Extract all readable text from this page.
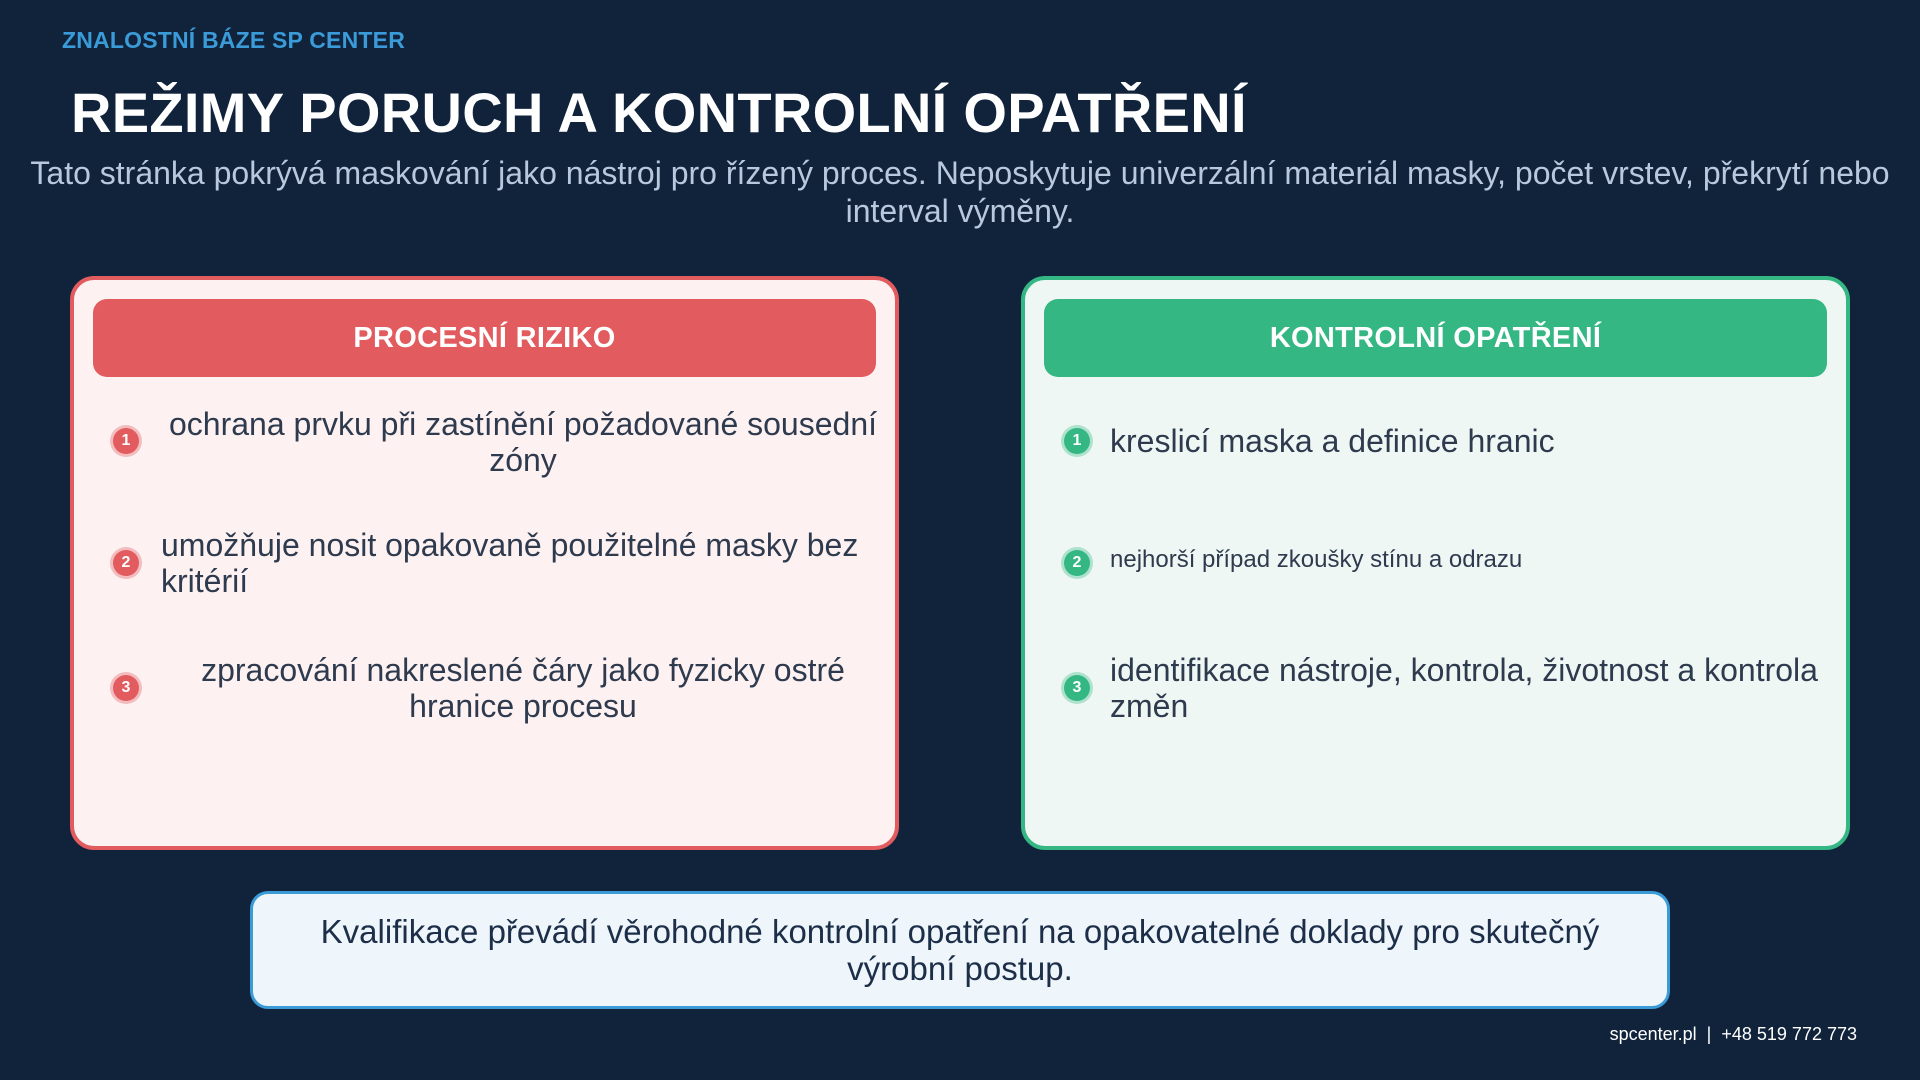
ZNALOSTNÍ BÁZE SP CENTER
REŽIMY PORUCH A KONTROLNÍ OPATŘENÍ

Tato stránka pokrývá maskování jako nástroj pro řízený proces. Neposkytuje univerzální materiál masky, počet vrstev, překrytí nebo interval výměny.

PROCESNÍ RIZIKO
1	ochrana prvku při zastínění požadované sousední zóny
2 umožňuje nosit opakovaně použitelné masky bez kritérií
3	zpracování nakreslené čáry jako fyzicky ostré hranice procesu
KONTROLNÍ OPATŘENÍ
1 kreslicí maska a definice hranic
2	nejhorší případ zkoušky stínu a odrazu
3 identifikace nástroje, kontrola, životnost a kontrola změn
Kvalifikace převádí věrohodné kontrolní opatření na opakovatelné doklady pro skutečný výrobní postup.
spcenter.pl | +48 519 772 773
